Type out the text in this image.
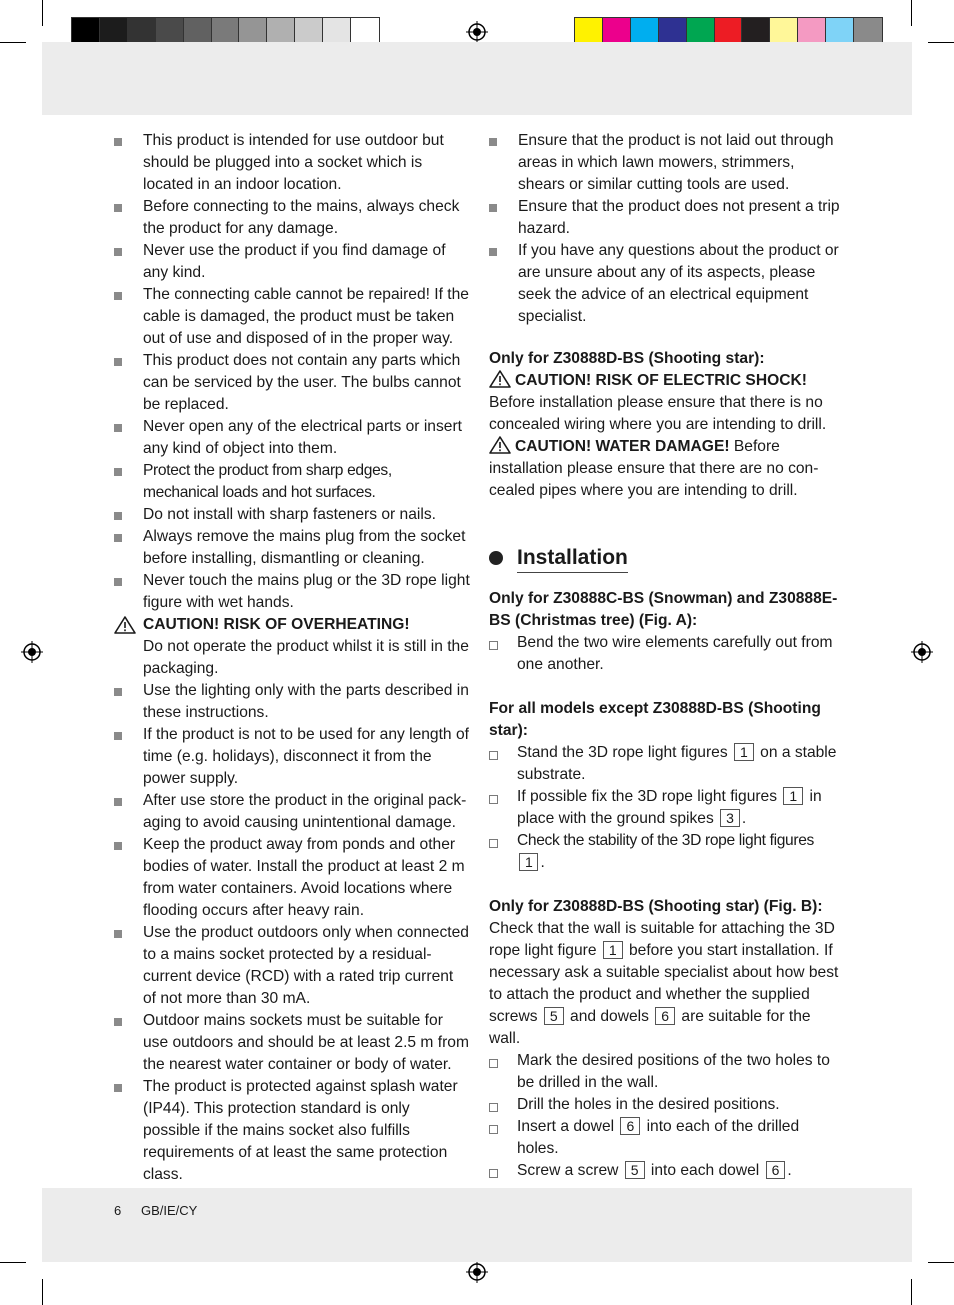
This product is intended for use outdoor but should be plugged into a socket which is located in an indoor location.
Before connecting to the mains, always check the product for any damage.
Never use the product if you find damage of any kind.
The connecting cable cannot be repaired! If the cable is damaged, the product must be taken out of use and disposed of in the proper way.
This product does not contain any parts which can be serviced by the user. The bulbs cannot be replaced.
Never open any of the electrical parts or insert any kind of object into them.
Protect the product from sharp edges, mechanical loads and hot surfaces.
Do not install with sharp fasteners or nails.
Always remove the mains plug from the socket before installing, dismantling or cleaning.
Never touch the mains plug or the 3D rope light figure with wet hands.
CAUTION! RISK OF OVERHEATING!
Do not operate the product whilst it is still in the packaging.
Use the lighting only with the parts described in these instructions.
If the product is not to be used for any length of time (e.g. holidays), disconnect it from the power supply.
After use store the product in the original pack-aging to avoid causing unintentional damage.
Keep the product away from ponds and other bodies of water. Install the product at least 2 m from water containers. Avoid locations where flooding occurs after heavy rain.
Use the product outdoors only when connected to a mains socket protected by a residual-current device (RCD) with a rated trip current of not more than 30 mA.
Outdoor mains sockets must be suitable for use outdoors and should be at least 2.5 m from the nearest water container or body of water.
The product is protected against splash water (IP44). This protection standard is only possible if the mains socket also fulfills requirements of at least the same protection class.
Ensure that the product is not laid out through areas in which lawn mowers, strimmers, shears or similar cutting tools are used.
Ensure that the product does not present a trip hazard.
If you have any questions about the product or are unsure about any of its aspects, please seek the advice of an electrical equipment specialist.
Only for Z30888D-BS (Shooting star):
CAUTION! RISK OF ELECTRIC SHOCK!
Before installation please ensure that there is no concealed wiring where you are intending to drill.
CAUTION! WATER DAMAGE! Before installation please ensure that there are no con-cealed pipes where you are intending to drill.
Installation
Only for Z30888C-BS (Snowman) and Z30888E-BS (Christmas tree) (Fig. A):
Bend the two wire elements carefully out from one another.
For all models except Z30888D-BS (Shooting star):
Stand the 3D rope light figures 1 on a stable substrate.
If possible fix the 3D rope light figures 1 in place with the ground spikes 3 .
Check the stability of the 3D rope light figures 1 .
Only for Z30888D-BS (Shooting star) (Fig. B):
Check that the wall is suitable for attaching the 3D rope light figure 1 before you start installation. If necessary ask a suitable specialist about how best to attach the product and whether the supplied screws 5 and dowels 6 are suitable for the wall.
Mark the desired positions of the two holes to be drilled in the wall.
Drill the holes in the desired positions.
Insert a dowel 6 into each of the drilled holes.
Screw a screw 5 into each dowel 6 .
6 GB/IE/CY
